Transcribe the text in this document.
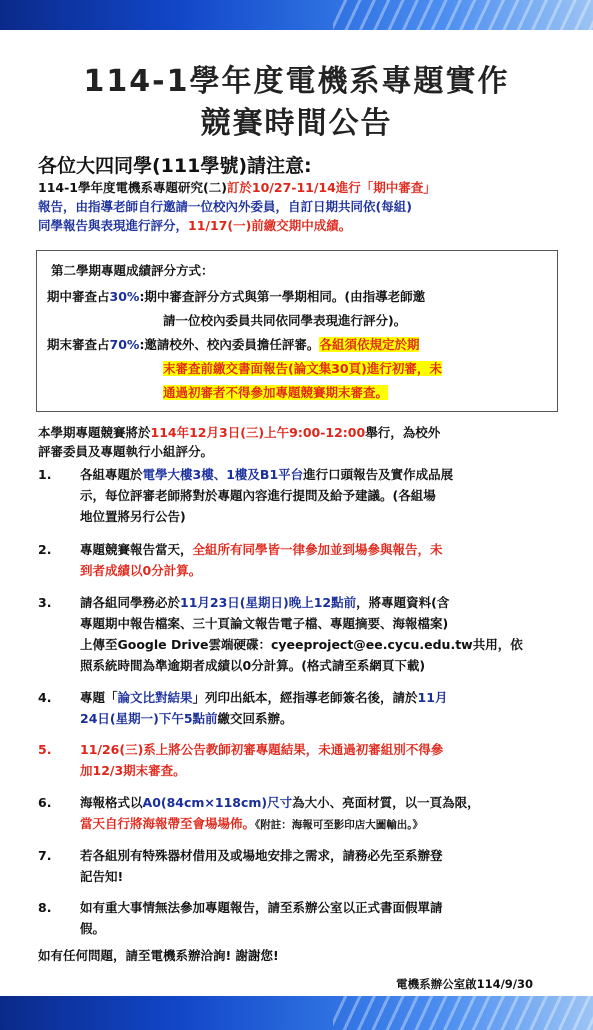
114-1學年度電機系專題實作
競賽時間公告
各位大四同學(111學號)請注意:
114-1學年度電機系專題研究(二)訂於10/27-11/14進行「期中審查」
報告，由指導老師自行邀請一位校內外委員，自訂日期共同依(每組)
同學報告與表現進行評分，11/17(一)前繳交期中成績。
第二學期專題成績評分方式：
期中審查占30%:期中審查評分方式與第一學期相同。(由指導老師邀
請一位校內委員共同依同學表現進行評分)。
期末審查占70%:邀請校外、校內委員擔任評審。各組須依規定於期
末審查前繳交書面報告(論文集30頁)進行初審，未
通過初審者不得參加專題競賽期末審查。
本學期專題競賽將於114年12月3日(三)上午9:00-12:00舉行，為校外
評審委員及專題執行小組評分。
1.	各組專題於電學大樓3樓、1樓及B1平台進行口頭報告及實作成品展
示，每位評審老師將對於專題內容進行提問及給予建議。(各組場
地位置將另行公告)
2.	專題競賽報告當天，全組所有同學皆一律參加並到場參與報告，未
到者成績以0分計算。
3.	請各組同學務必於11月23日(星期日)晚上12點前，將專題資料(含
專題期中報告檔案、三十頁論文報告電子檔、專題摘要、海報檔案)
上傳至Google Drive雲端硬碟：cyeeproject@ee.cycu.edu.tw共用，依
照系統時間為準逾期者成績以0分計算。(格式請至系網頁下載)
4.	專題「論文比對結果」列印出紙本，經指導老師簽名後，請於11月
24日(星期一)下午5點前繳交回系辦。
5.	11/26(三)系上將公告教師初審專題結果，未通過初審組別不得參
加12/3期末審查。
6.	海報格式以A0(84cm×118cm)尺寸為大小、亮面材質，以一頁為限，
當天自行將海報帶至會場場佈。《附註：海報可至影印店大圖輸出。》
7.	若各組別有特殊器材借用及或場地安排之需求，請務必先至系辦登
記告知!
8.	如有重大事情無法參加專題報告，請至系辦公室以正式書面假單請
假。
如有任何問題，請至電機系辦洽詢! 謝謝您!
電機系辦公室啟114/9/30
